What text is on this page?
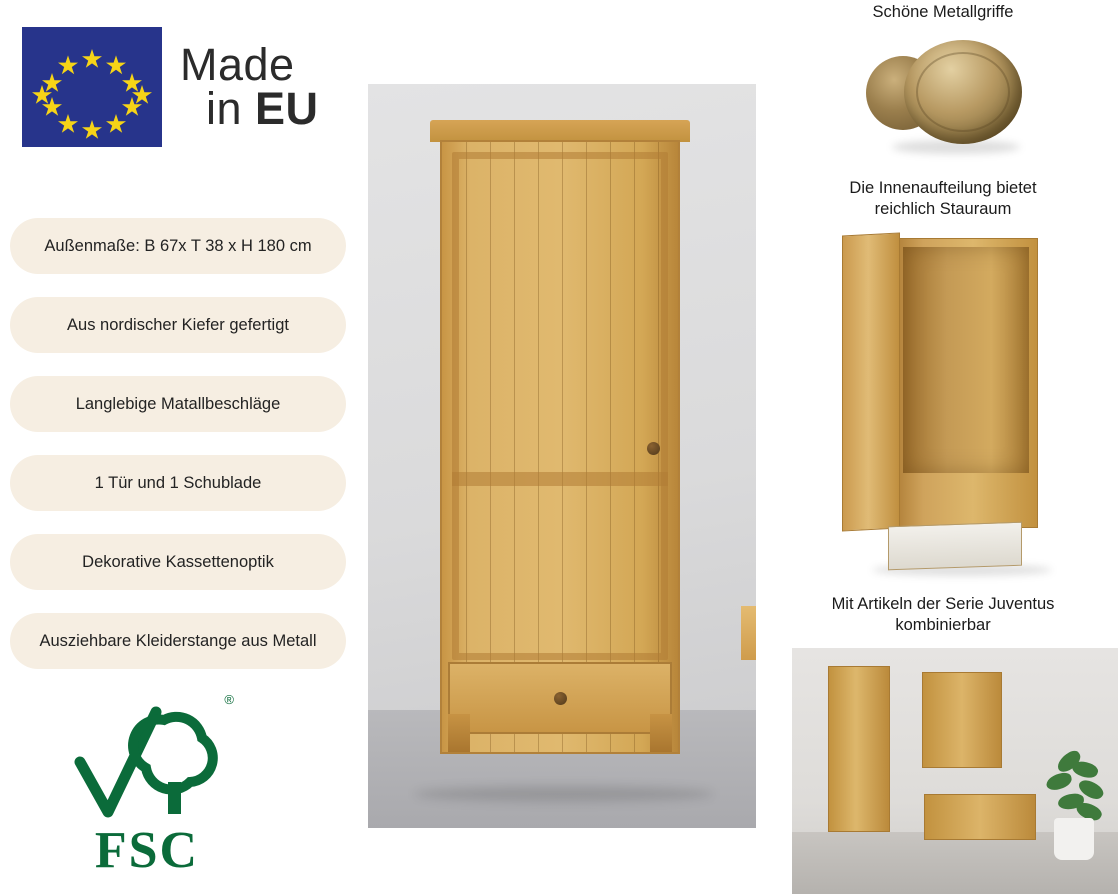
Made
in EU
Außenmaße: B 67x T 38 x H 180 cm
Aus nordischer Kiefer gefertigt
Langlebige Matallbeschläge
1 Tür und 1 Schublade
Dekorative Kassettenoptik
Ausziehbare Kleiderstange aus Metall
®
FSC
Schöne Metallgriffe
Die Innenaufteilung bietet
reichlich Stauraum
Mit Artikeln der Serie Juventus
kombinierbar
